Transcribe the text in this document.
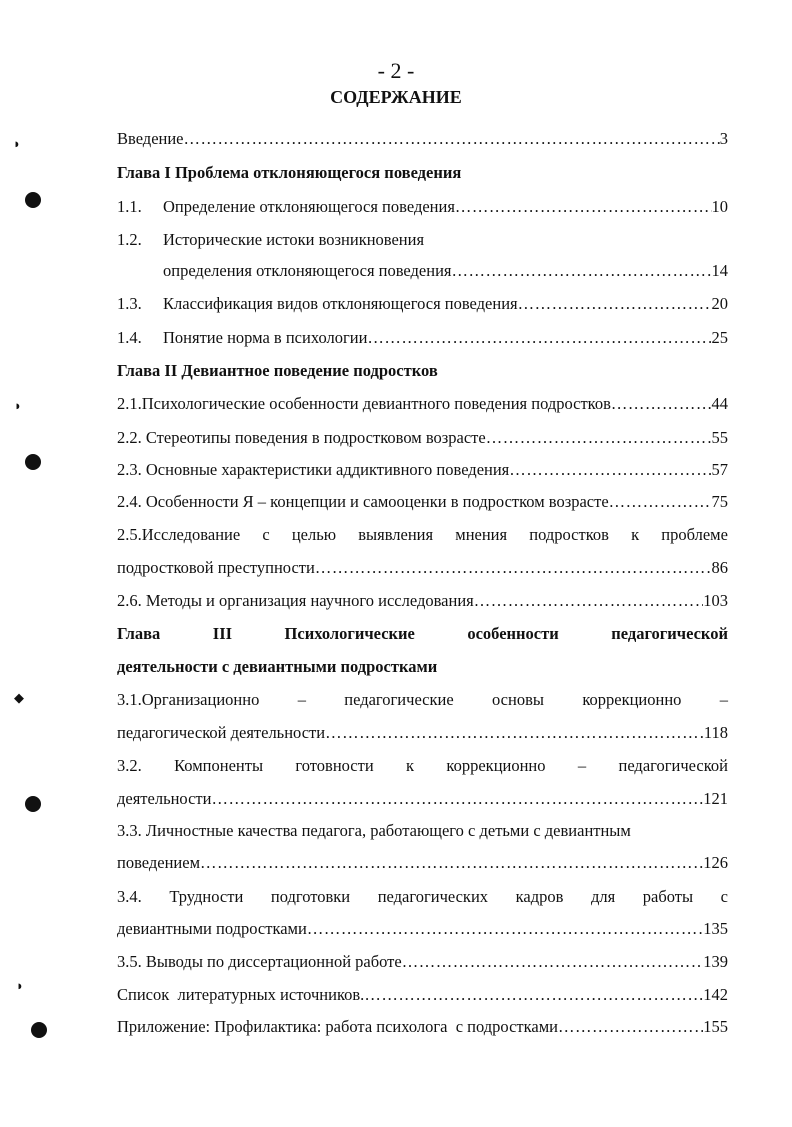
- 2 -
СОДЕРЖАНИЕ
◗
◗
◆
◗
Введение ………………………………………………………………………………………………………………………………………………………………	3
Глава I Проблема отклоняющегося поведения
1.1. Определение отклоняющегося поведения ………………………………………………………………………………………………………………………………………………………………	10
1.2. Исторические истоки возникновения
определения отклоняющегося поведения ………………………………………………………………………………………………………………………………………………………………	14
1.3. Классификация видов отклоняющегося поведения ………………………………………………………………………………………………………………………………………………………………	20
1.4. Понятие норма в психологии ………………………………………………………………………………………………………………………………………………………………	25
Глава II Девиантное поведение подростков
2.1.Психологические особенности девиантного поведения подростков ………………………………………………………………………………………………………………………………………………………………	44
2.2. Стереотипы поведения в подростковом возрасте ………………………………………………………………………………………………………………………………………………………………	55
2.3. Основные характеристики аддиктивного поведения ………………………………………………………………………………………………………………………………………………………………	57
2.4. Особенности Я – концепции и самооценки в подростком возрасте ………………………………………………………………………………………………………………………………………………………………	75
2.5.Исследование с целью выявления мнения подростков к проблеме
подростковой преступности ………………………………………………………………………………………………………………………………………………………………	86
2.6. Методы и организация научного исследования ………………………………………………………………………………………………………………………………………………………………	103
Глава	III	Психологические	особенности	педагогической
деятельности с девиантными подростками
3.1.Организационно – педагогические основы коррекционно –
педагогической деятельности ………………………………………………………………………………………………………………………………………………………………	118
3.2. Компоненты готовности к коррекционно – педагогической
деятельности ………………………………………………………………………………………………………………………………………………………………	121
3.3. Личностные качества педагога, работающего с детьми с девиантным
поведением ………………………………………………………………………………………………………………………………………………………………	126
3.4. Трудности подготовки педагогических кадров для работы с
девиантными подростками ………………………………………………………………………………………………………………………………………………………………	135
3.5. Выводы по диссертационной работе ………………………………………………………………………………………………………………………………………………………………	139
Список  литературных источников. ………………………………………………………………………………………………………………………………………………………………	142
Приложение: Профилактика: работа психолога  с подростками ………………………………………………………………………………………………………………………………………………………………	155
